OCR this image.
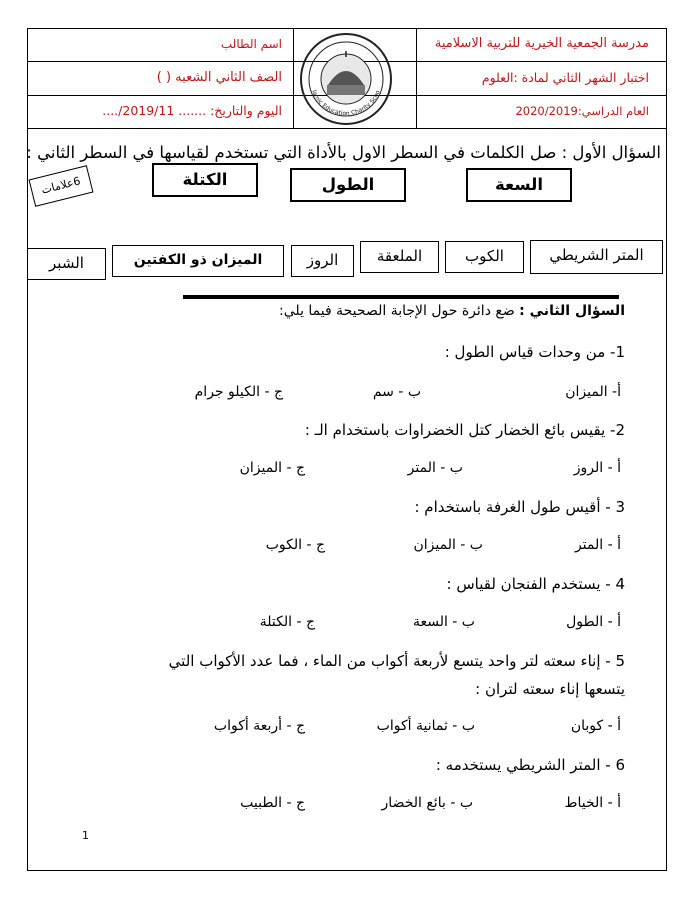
مدرسة الجمعية الخيرية للتربية الاسلامية
اختبار الشهر الثاني لمادة :العلوم
العام الدراسي:2020/2019
اسم الطالب
الصف الثاني الشعبه ( )
اليوم والتاريخ: ....... 2019/11/....
lamic Education Charity Scho
السؤال الأول : صل الكلمات في السطر الاول بالأداة التي تستخدم لقياسها في السطر الثاني :
السعة
الطول
الكتلة
6علامات
المتر الشريطي
الكوب
الملعقة
الروز
الميزان ذو الكفتين
الشبر
السؤال الثاني : ضع دائرة حول الإجابة الصحيحة فيما يلي:
1- من وحدات قياس الطول :
أ- الميزان
ب - سم
ج - الكيلو جرام
2- يقيس بائع الخضار كتل الخضراوات باستخدام الـ :
أ - الروز
ب - المتر
ج - الميزان
3 - أقيس طول الغرفة باستخدام :
أ - المتر
ب - الميزان
ج - الكوب
4 - يستخدم الفنجان لقياس :
أ - الطول
ب - السعة
ج - الكتلة
5 - إناء سعته لتر واحد يتسع لأربعة أكواب من الماء ، فما عدد الأكواب التي
يتسعها إناء سعته لتران :
أ - كوبان
ب - ثمانية أكواب
ج - أربعة أكواب
6 - المتر الشريطي يستخدمه :
أ - الخياط
ب - بائع الخضار
ج - الطبيب
1
